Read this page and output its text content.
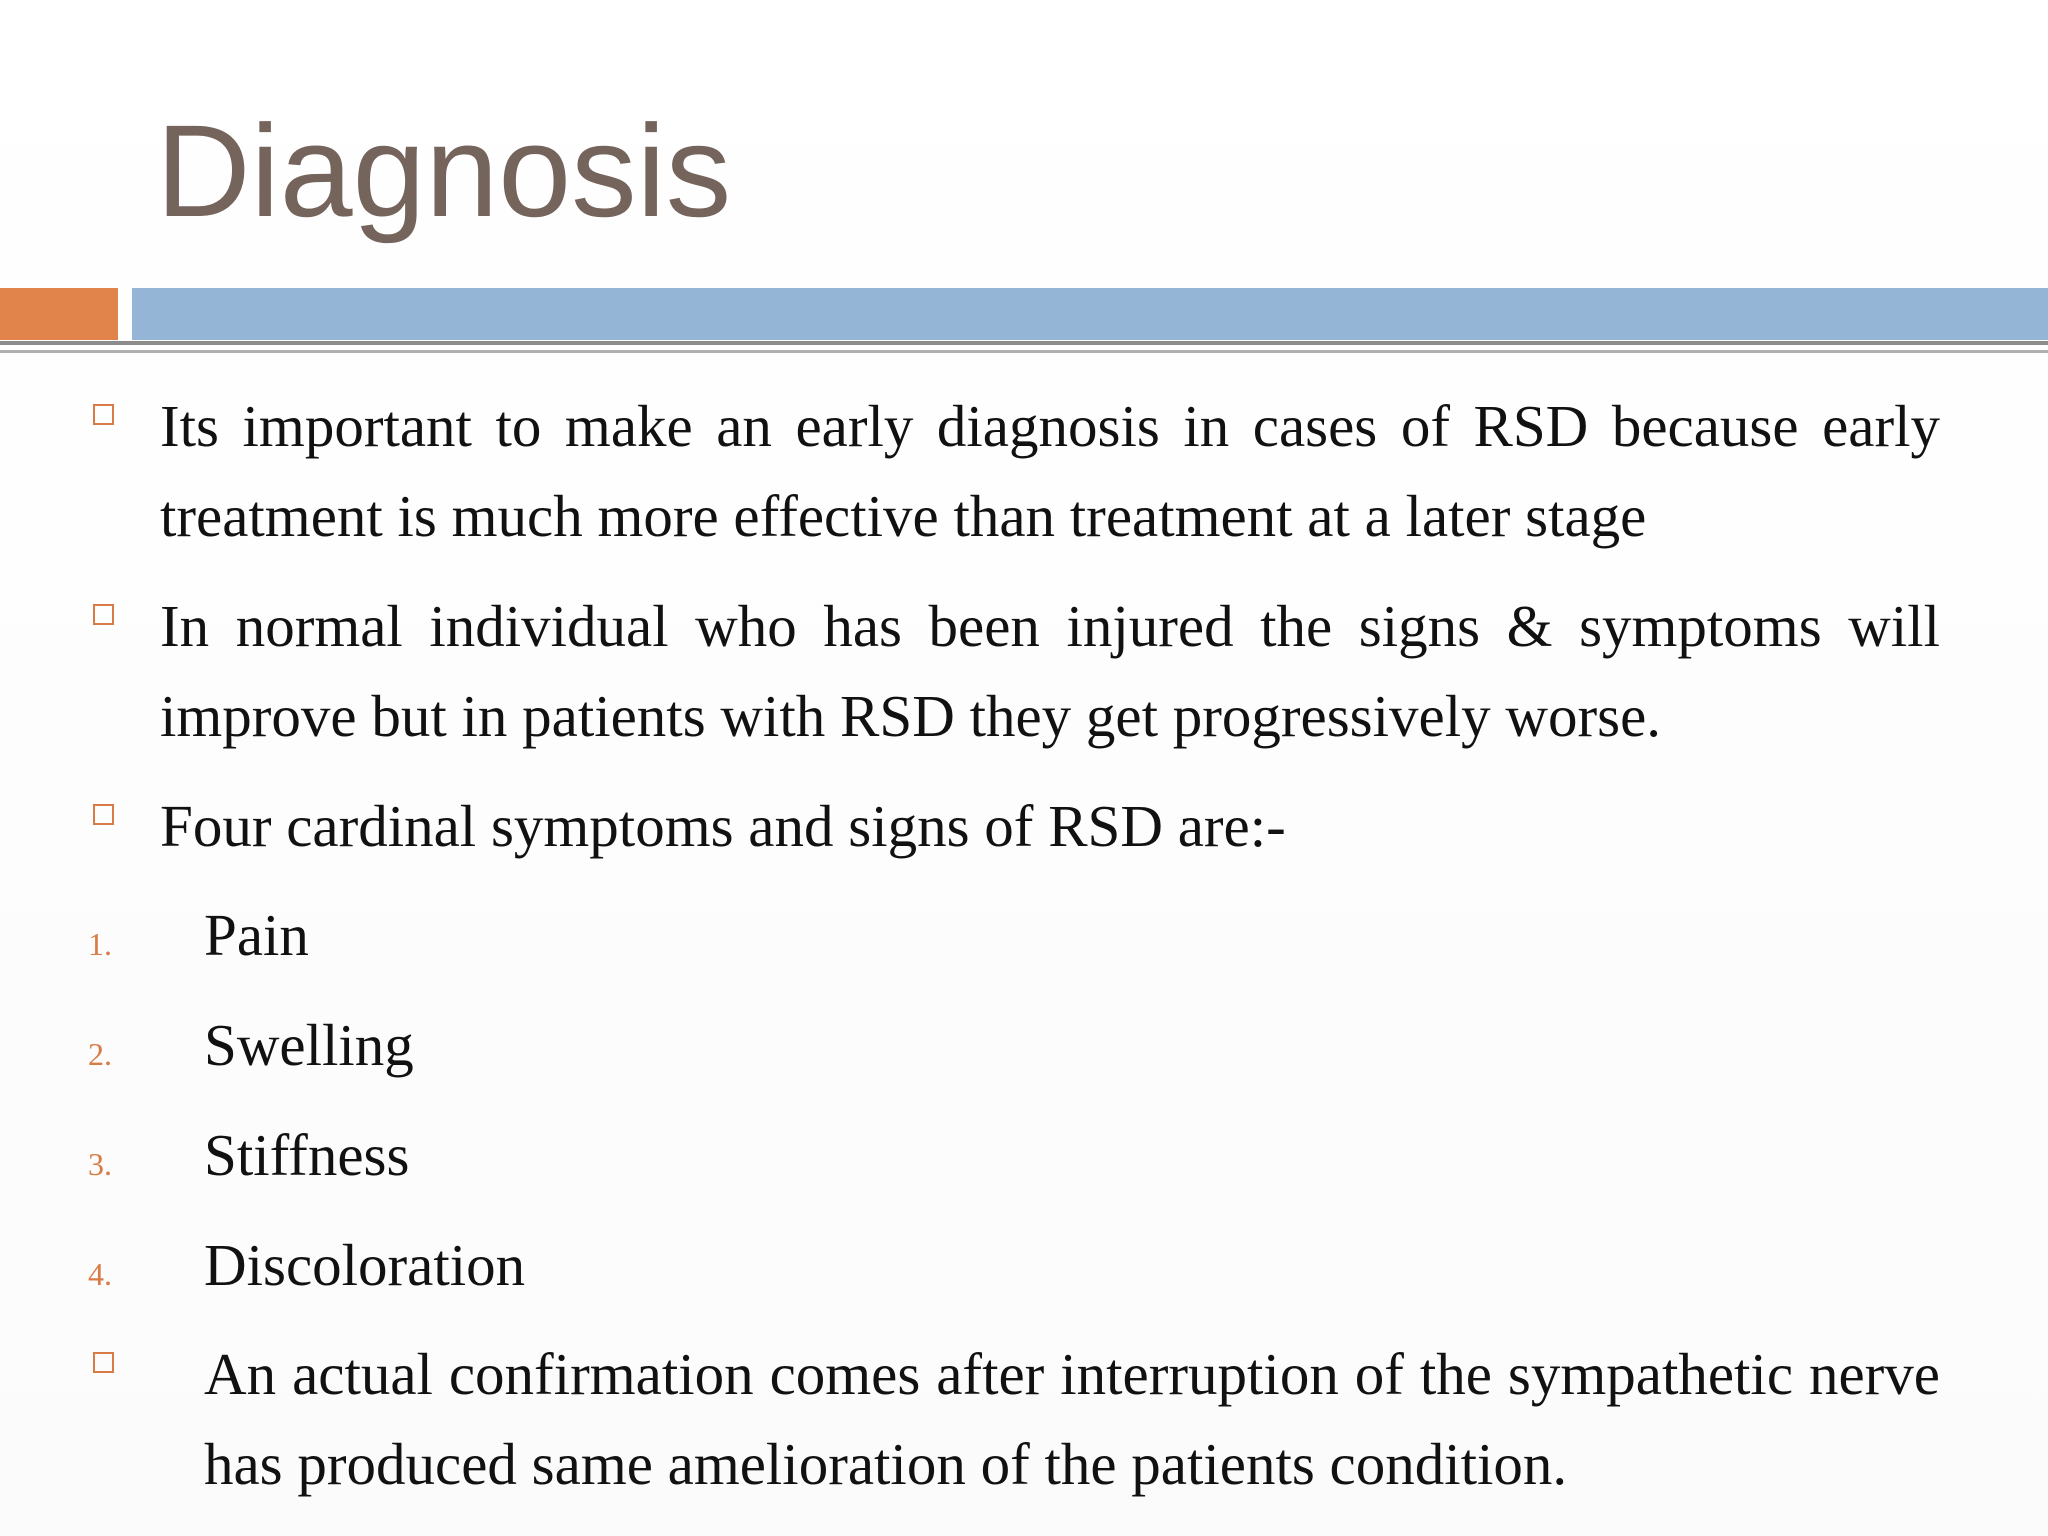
Diagnosis
Its important to make an early diagnosis in cases of RSD because early treatment is much more effective than treatment at a later stage
In normal individual who has been injured the signs & symptoms will improve but in patients with RSD they get progressively worse.
Four cardinal symptoms and signs of RSD are:-
1. Pain
2. Swelling
3. Stiffness
4. Discoloration
An actual confirmation comes after interruption of the sympathetic nerve has produced same amelioration of the patients condition.
